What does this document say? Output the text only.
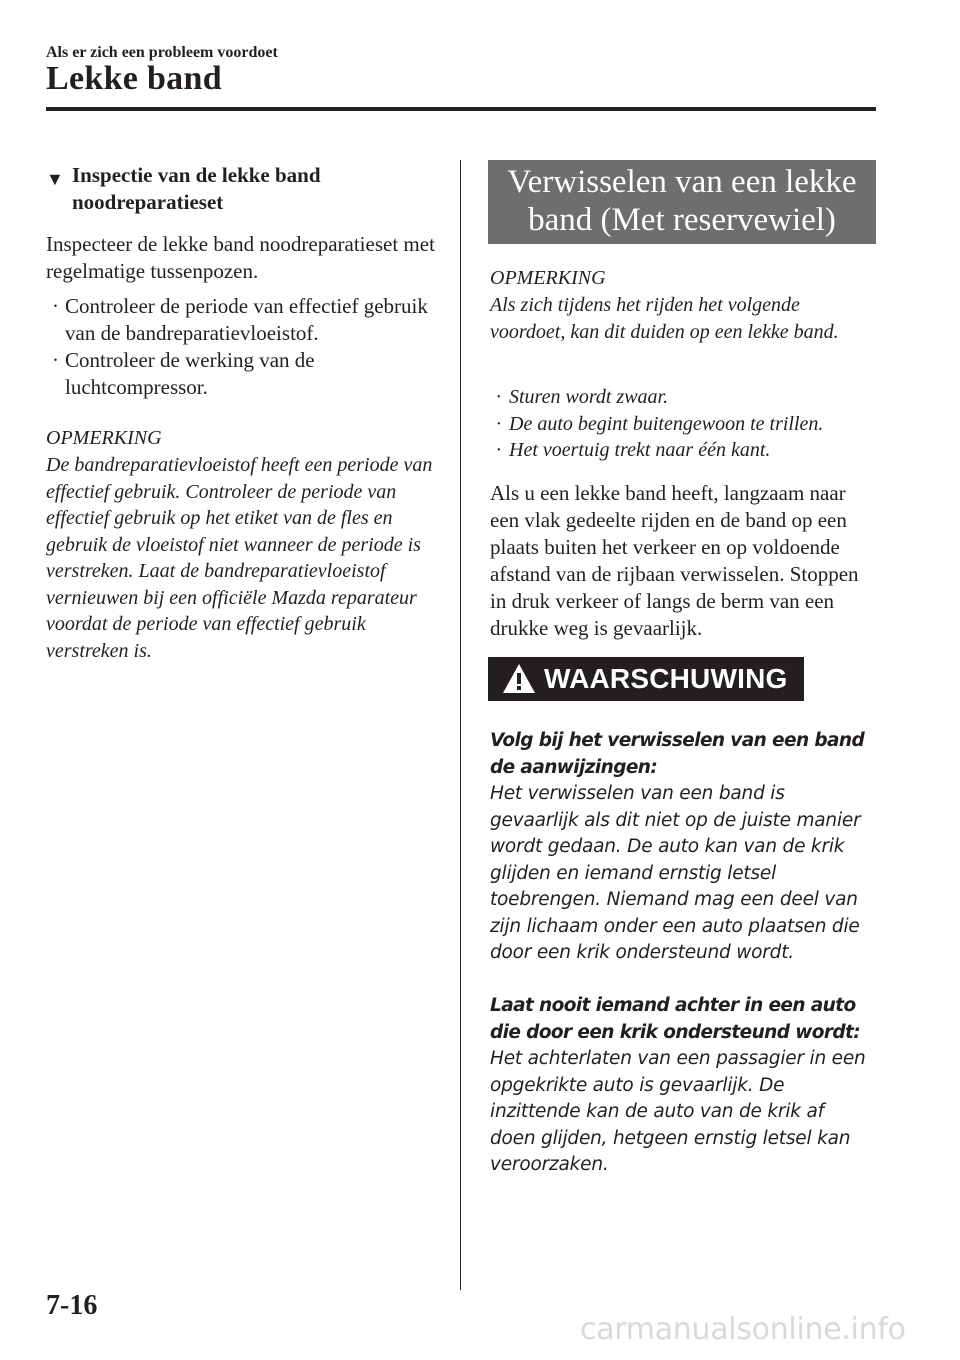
Als er zich een probleem voordoet
Lekke band
▼ Inspectie van de lekke band
noodreparatieset

Inspecteer de lekke band noodreparatieset met regelmatige tussenpozen.

· Controleer de periode van effectief gebruik van de bandreparatievloeistof.
· Controleer de werking van de luchtcompressor.
OPMERKING

De bandreparatievloeistof heeft een periode van effectief gebruik. Controleer de periode van effectief gebruik op het etiket van de fles en gebruik de vloeistof niet wanneer de periode is verstreken. Laat de bandreparatievloeistof vernieuwen bij een officiële Mazda reparateur voordat de periode van effectief gebruik verstreken is.

Verwisselen van een lekke
band (Met reservewiel)
OPMERKING

Als zich tijdens het rijden het volgende voordoet, kan dit duiden op een lekke band.

· Sturen wordt zwaar.
· De auto begint buitengewoon te trillen.
· Het voertuig trekt naar één kant.

Als u een lekke band heeft, langzaam naar een vlak gedeelte rijden en de band op een plaats buiten het verkeer en op voldoende afstand van de rijbaan verwisselen. Stoppen in druk verkeer of langs de berm van een drukke weg is gevaarlijk.

WAARSCHUWING
Volg bij het verwisselen van een band de aanwijzingen:
Het verwisselen van een band is gevaarlijk als dit niet op de juiste manier wordt gedaan. De auto kan van de krik glijden en iemand ernstig letsel toebrengen. Niemand mag een deel van zijn lichaam onder een auto plaatsen die door een krik ondersteund wordt.
Laat nooit iemand achter in een auto die door een krik ondersteund wordt:
Het achterlaten van een passagier in een opgekrikte auto is gevaarlijk. De inzittende kan de auto van de krik af doen glijden, hetgeen ernstig letsel kan veroorzaken.
7-16
carmanualsonline.info
